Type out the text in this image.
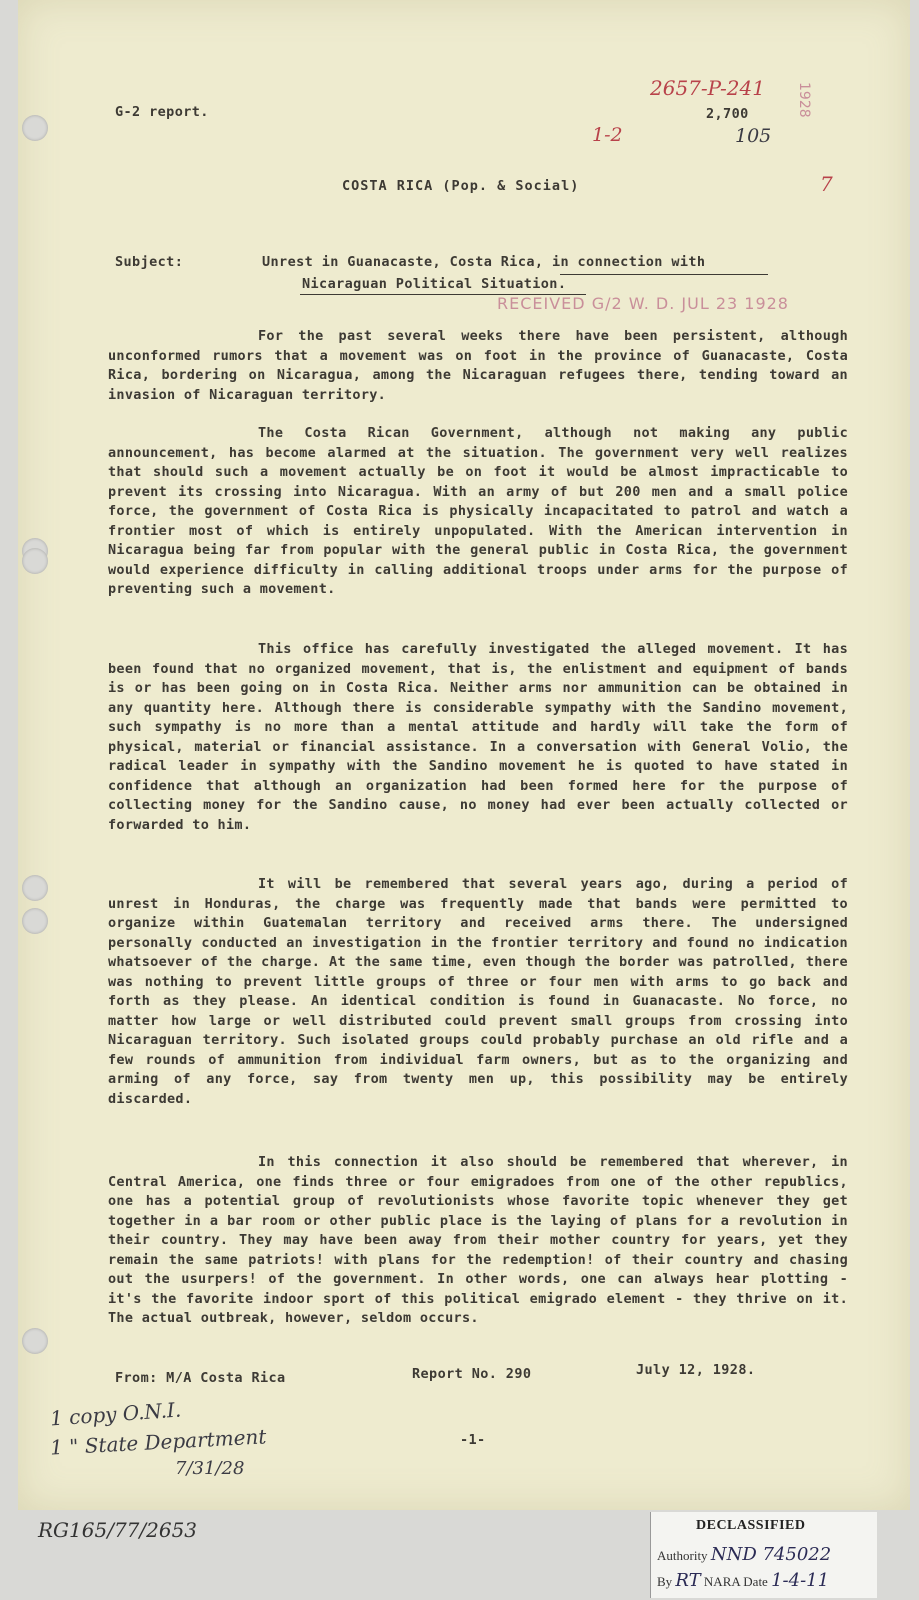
G-2 report.
2657-P-241
2,700
105
1-2
7
1928
COSTA RICA (Pop. & Social)
Subject:	Unrest in Guanacaste, Costa Rica, in connection with
Nicaraguan Political Situation.
RECEIVED G/2 W. D. JUL 23 1928
For the past several weeks there have been persistent, although unconformed rumors that a movement was on foot in the province of Guanacaste, Costa Rica, bordering on Nicaragua, among the Nicaraguan refugees there, tending toward an invasion of Nicaraguan territory.
The Costa Rican Government, although not making any public announcement, has become alarmed at the situation. The government very well realizes that should such a movement actually be on foot it would be almost impracticable to prevent its crossing into Nicaragua. With an army of but 200 men and a small police force, the government of Costa Rica is physically incapacitated to patrol and watch a frontier most of which is entirely unpopulated. With the American intervention in Nicaragua being far from popular with the general public in Costa Rica, the government would experience difficulty in calling additional troops under arms for the purpose of preventing such a movement.
This office has carefully investigated the alleged movement. It has been found that no organized movement, that is, the enlistment and equipment of bands is or has been going on in Costa Rica. Neither arms nor ammunition can be obtained in any quantity here. Although there is considerable sympathy with the Sandino movement, such sympathy is no more than a mental attitude and hardly will take the form of physical, material or financial assistance. In a conversation with General Volio, the radical leader in sympathy with the Sandino movement he is quoted to have stated in confidence that although an organization had been formed here for the purpose of collecting money for the Sandino cause, no money had ever been actually collected or forwarded to him.
It will be remembered that several years ago, during a period of unrest in Honduras, the charge was frequently made that bands were permitted to organize within Guatemalan territory and received arms there. The undersigned personally conducted an investigation in the frontier territory and found no indication whatsoever of the charge. At the same time, even though the border was patrolled, there was nothing to prevent little groups of three or four men with arms to go back and forth as they please. An identical condition is found in Guanacaste. No force, no matter how large or well distributed could prevent small groups from crossing into Nicaraguan territory. Such isolated groups could probably purchase an old rifle and a few rounds of ammunition from individual farm owners, but as to the organizing and arming of any force, say from twenty men up, this possibility may be entirely discarded.
In this connection it also should be remembered that wherever, in Central America, one finds three or four emigradoes from one of the other republics, one has a potential group of revolutionists whose favorite topic whenever they get together in a bar room or other public place is the laying of plans for a revolution in their country. They may have been away from their mother country for years, yet they remain the same patriots! with plans for the redemption! of their country and chasing out the usurpers! of the government. In other words, one can always hear plotting - it's the favorite indoor sport of this political emigrado element - they thrive on it. The actual outbreak, however, seldom occurs.
From: M/A Costa Rica	Report No. 290	July 12, 1928.
-1-
1 copy O.N.I.
1 " State Department
7/31/28
RG165/77/2653	DECLASSIFIED
Authority NND 745022
By RT NARA Date 1-4-11
